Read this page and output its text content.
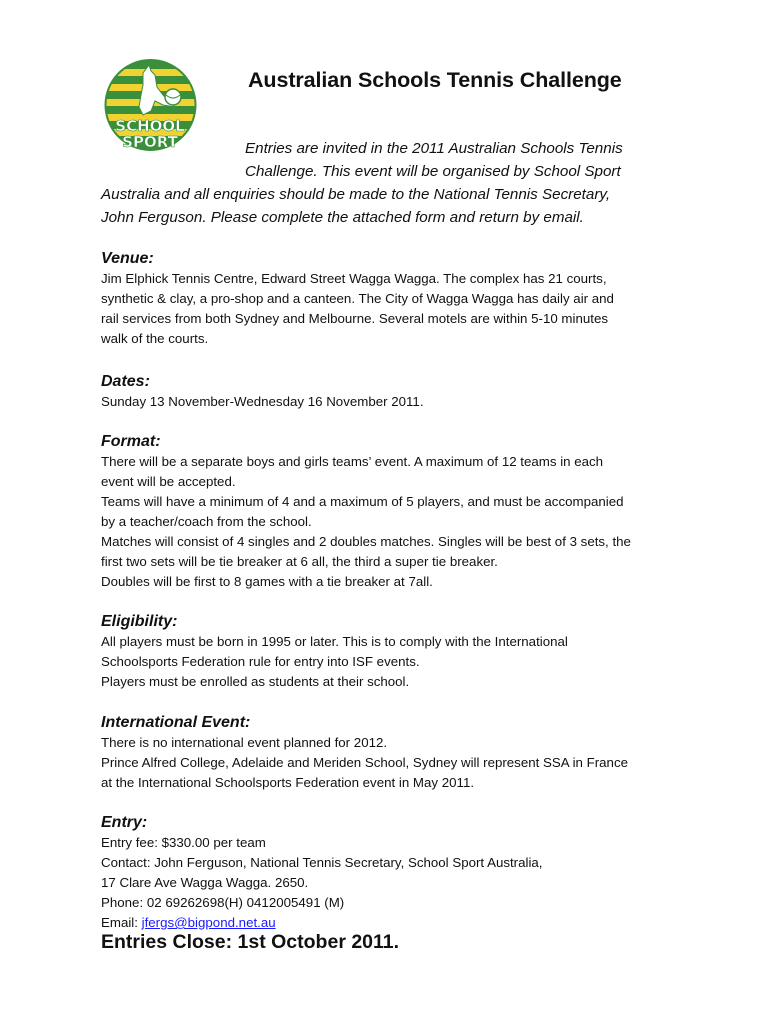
SCHOOL
SPORT
Australian Schools Tennis Challenge
Entries are invited in the 2011 Australian Schools Tennis
Challenge. This event will be organised by School Sport
Australia and all enquiries should be made to the National Tennis Secretary,
John Ferguson. Please complete the attached form and return by email.
Venue:
Jim Elphick Tennis Centre, Edward Street Wagga Wagga. The complex has 21 courts,
synthetic & clay, a pro-shop and a canteen. The City of Wagga Wagga has daily air and
rail services from both Sydney and Melbourne. Several motels are within 5-10 minutes
walk of the courts.
Dates:
Sunday 13 November-Wednesday 16 November 2011.
Format:
There will be a separate boys and girls teams’ event. A maximum of 12 teams in each
event will be accepted.
Teams will have a minimum of 4 and a maximum of 5 players, and must be accompanied
by a teacher/coach from the school.
Matches will consist of 4 singles and 2 doubles matches. Singles will be best of 3 sets, the
first two sets will be tie breaker at 6 all, the third a super tie breaker.
Doubles will be first to 8 games with a tie breaker at 7all.
Eligibility:
All players must be born in 1995 or later. This is to comply with the International
Schoolsports Federation rule for entry into ISF events.
Players must be enrolled as students at their school.
International Event:
There is no international event planned for 2012.
Prince Alfred College, Adelaide and Meriden School, Sydney will represent SSA in France
at the International Schoolsports Federation event in May 2011.
Entry:
Entry fee: $330.00 per team
Contact: John Ferguson, National Tennis Secretary, School Sport Australia,
17 Clare Ave Wagga Wagga. 2650.
Phone: 02 69262698(H) 0412005491 (M)
Email: jfergs@bigpond.net.au
Entries Close: 1st October 2011.
